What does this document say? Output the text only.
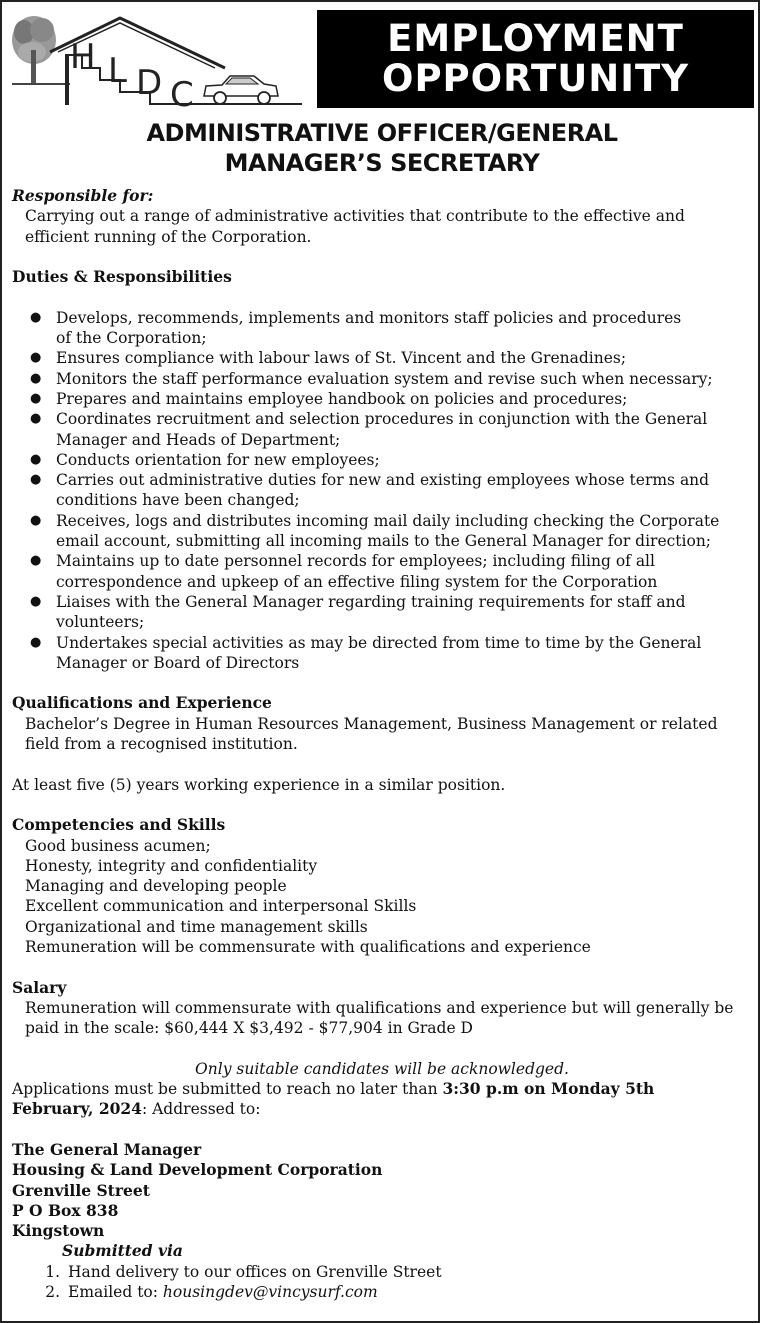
H L D C
EMPLOYMENT
OPPORTUNITY
ADMINISTRATIVE OFFICER/GENERAL
MANAGER’S SECRETARY
Responsible for:
Carrying out a range of administrative activities that contribute to the effective and
efficient running of the Corporation.
Duties & Responsibilities
● Develops, recommends, implements and monitors staff policies and procedures
of the Corporation;
● Ensures compliance with labour laws of St. Vincent and the Grenadines;
● Monitors the staff performance evaluation system and revise such when necessary;
● Prepares and maintains employee handbook on policies and procedures;
● Coordinates recruitment and selection procedures in conjunction with the General
Manager and Heads of Department;
● Conducts orientation for new employees;
● Carries out administrative duties for new and existing employees whose terms and
conditions have been changed;
● Receives, logs and distributes incoming mail daily including checking the Corporate
email account, submitting all incoming mails to the General Manager for direction;
● Maintains up to date personnel records for employees; including filing of all
correspondence and upkeep of an effective filing system for the Corporation
● Liaises with the General Manager regarding training requirements for staff and
volunteers;
● Undertakes special activities as may be directed from time to time by the General
Manager or Board of Directors
Qualifications and Experience
Bachelor’s Degree in Human Resources Management, Business Management or related
field from a recognised institution.
At least five (5) years working experience in a similar position.
Competencies and Skills
Good business acumen;
Honesty, integrity and confidentiality
Managing and developing people
Excellent communication and interpersonal Skills
Organizational and time management skills
Remuneration will be commensurate with qualifications and experience
Salary
Remuneration will commensurate with qualifications and experience but will generally be
paid in the scale: $60,444 X $3,492 - $77,904 in Grade D
Only suitable candidates will be acknowledged.
Applications must be submitted to reach no later than 3:30 p.m on Monday 5th
February, 2024: Addressed to:
The General Manager
Housing & Land Development Corporation
Grenville Street
P O Box 838
Kingstown
Submitted via
1. Hand delivery to our offices on Grenville Street
2. Emailed to: housingdev@vincysurf.com
